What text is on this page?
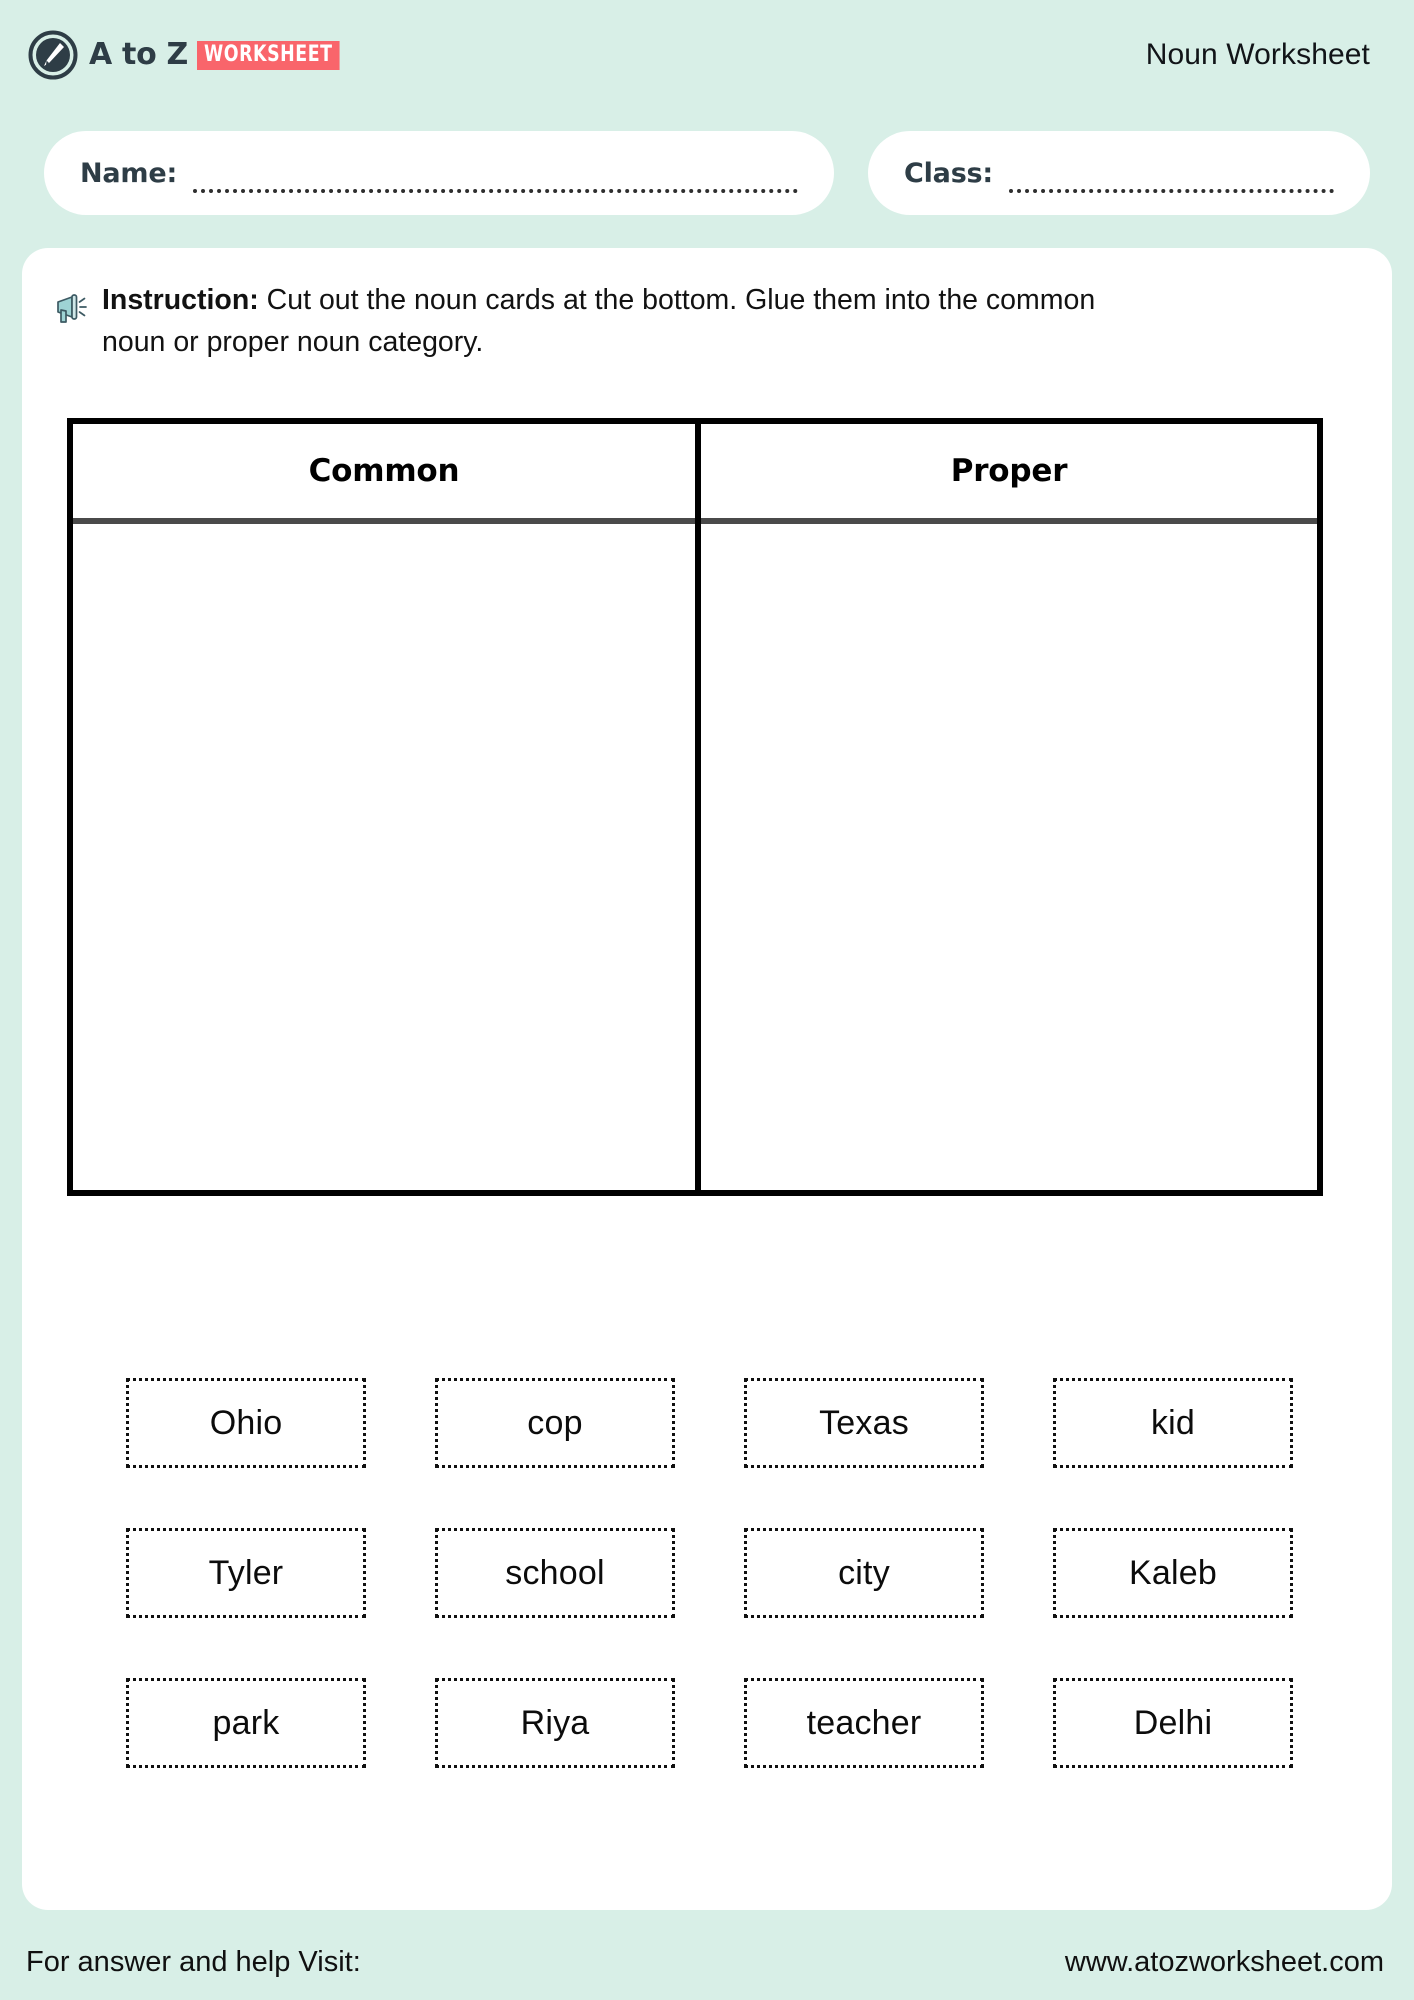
A to Z WORKSHEET	Noun Worksheet
Name:	Class:
Instruction: Cut out the noun cards at the bottom. Glue them into the common noun or proper noun category.
Common	Proper
Ohio	cop	Texas	kid
Tyler	school	city	Kaleb
park	Riya	teacher	Delhi
For answer and help Visit:	www.atozworksheet.com
